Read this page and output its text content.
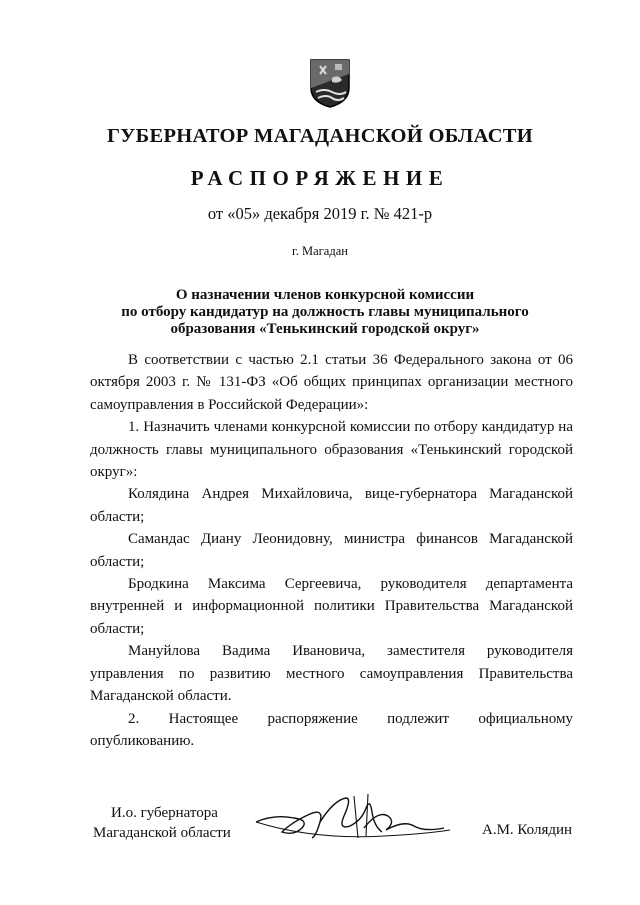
ГУБЕРНАТОР МАГАДАНСКОЙ ОБЛАСТИ
РАСПОРЯЖЕНИЕ
от «05» декабря 2019 г. № 421-р
г. Магадан
О назначении членов конкурсной комиссии
по отбору кандидатур на должность главы муниципального
образования «Тенькинский городской округ»

В соответствии с частью 2.1 статьи 36 Федерального закона от 06 октября 2003 г. № 131-ФЗ «Об общих принципах организации местного самоуправления в Российской Федерации»:

1. Назначить членами конкурсной комиссии по отбору кандидатур на должность главы муниципального образования «Тенькинский городской округ»:

Колядина Андрея Михайловича, вице-губернатора Магаданской области;

Самандас Диану Леонидовну, министра финансов Магаданской области;

Бродкина Максима Сергеевича, руководителя департамента внутренней и информационной политики Правительства Магаданской области;

Мануйлова Вадима Ивановича, заместителя руководителя управления по развитию местного самоуправления Правительства Магаданской области.

2. Настоящее распоряжение подлежит официальному опубликованию.

И.о. губернатора
Магаданской области	А.М. Колядин
